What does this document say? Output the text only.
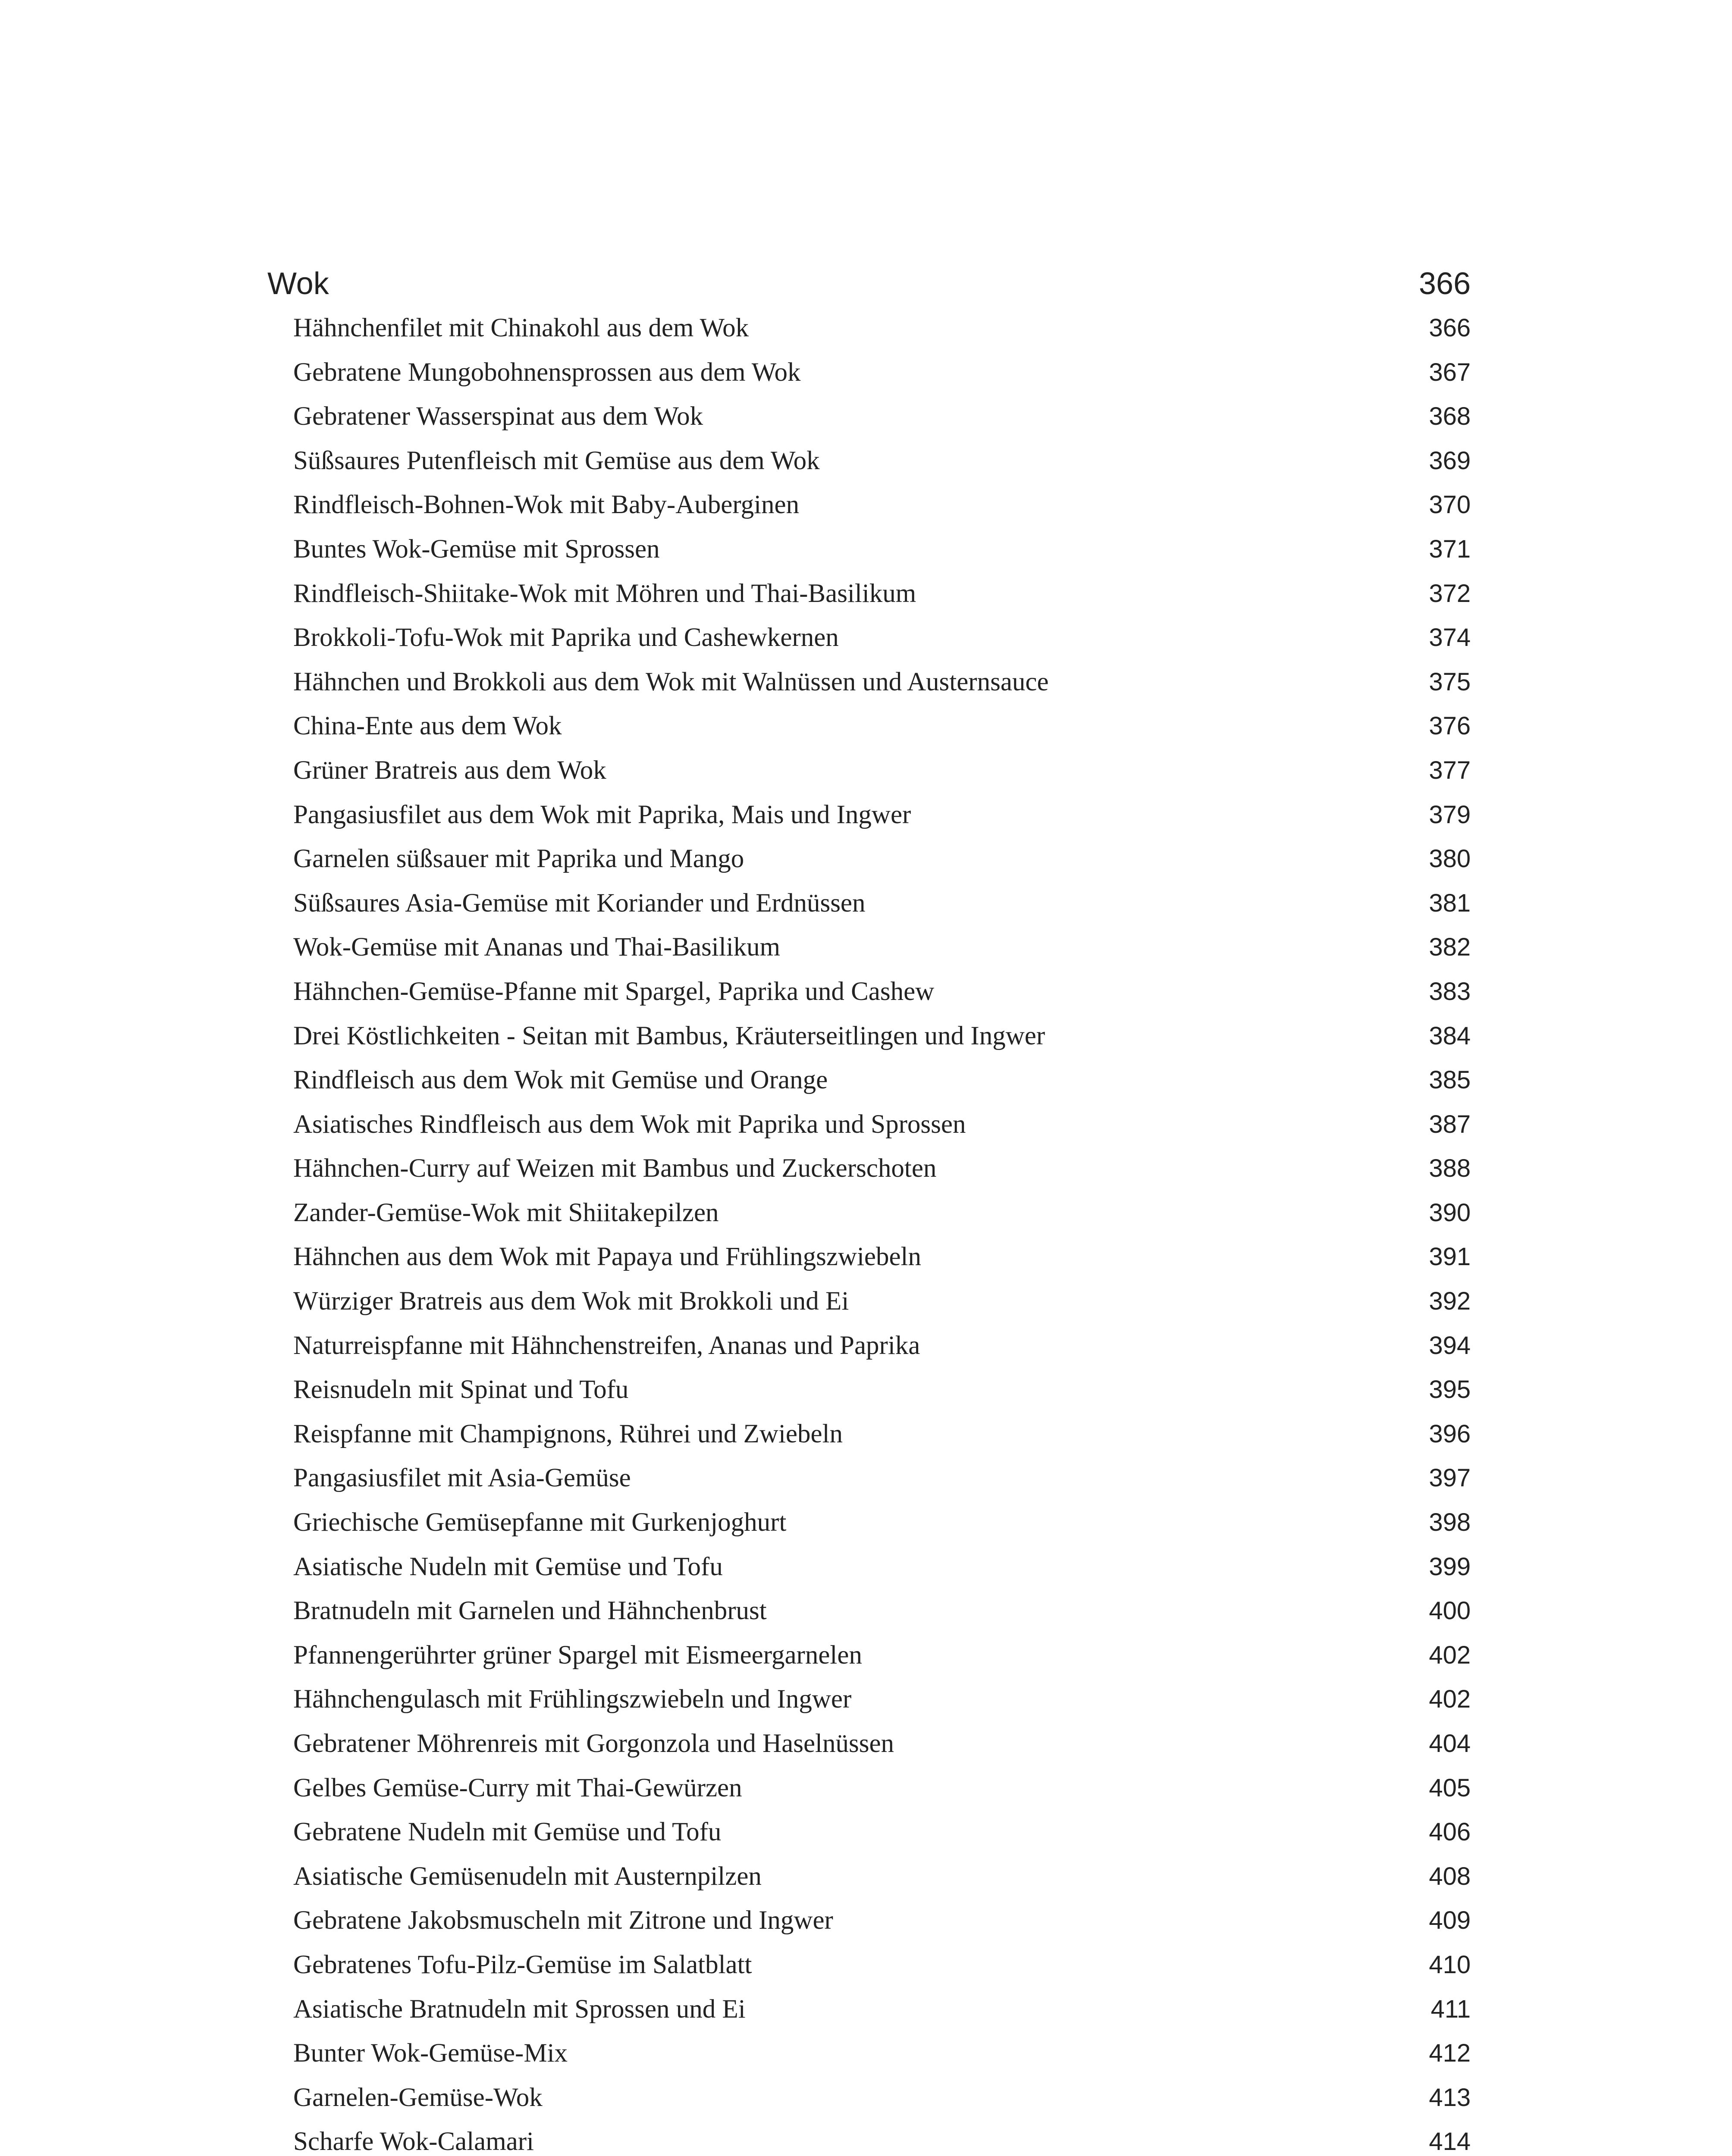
Wok	366
Hähnchenfilet mit Chinakohl aus dem Wok	366
Gebratene Mungobohnensprossen aus dem Wok	367
Gebratener Wasserspinat aus dem Wok	368
Süßsaures Putenfleisch mit Gemüse aus dem Wok	369
Rindfleisch-Bohnen-Wok mit Baby-Auberginen	370
Buntes Wok-Gemüse mit Sprossen	371
Rindfleisch-Shiitake-Wok mit Möhren und Thai-Basilikum	372
Brokkoli-Tofu-Wok mit Paprika und Cashewkernen	374
Hähnchen und Brokkoli aus dem Wok mit Walnüssen und Austernsauce	375
China-Ente aus dem Wok	376
Grüner Bratreis aus dem Wok	377
Pangasiusfilet aus dem Wok mit Paprika, Mais und Ingwer	379
Garnelen süßsauer mit Paprika und Mango	380
Süßsaures Asia-Gemüse mit Koriander und Erdnüssen	381
Wok-Gemüse mit Ananas und Thai-Basilikum	382
Hähnchen-Gemüse-Pfanne mit Spargel, Paprika und Cashew	383
Drei Köstlichkeiten - Seitan mit Bambus, Kräuterseitlingen und Ingwer	384
Rindfleisch aus dem Wok mit Gemüse und Orange	385
Asiatisches Rindfleisch aus dem Wok mit Paprika und Sprossen	387
Hähnchen-Curry auf Weizen mit Bambus und Zuckerschoten	388
Zander-Gemüse-Wok mit Shiitakepilzen	390
Hähnchen aus dem Wok mit Papaya und Frühlingszwiebeln	391
Würziger Bratreis aus dem Wok mit Brokkoli und Ei	392
Naturreispfanne mit Hähnchenstreifen, Ananas und Paprika	394
Reisnudeln mit Spinat und Tofu	395
Reispfanne mit Champignons, Rührei und Zwiebeln	396
Pangasiusfilet mit Asia-Gemüse	397
Griechische Gemüsepfanne mit Gurkenjoghurt	398
Asiatische Nudeln mit Gemüse und Tofu	399
Bratnudeln mit Garnelen und Hähnchenbrust	400
Pfannengerührter grüner Spargel mit Eismeergarnelen	402
Hähnchengulasch mit Frühlingszwiebeln und Ingwer	402
Gebratener Möhrenreis mit Gorgonzola und Haselnüssen	404
Gelbes Gemüse-Curry mit Thai-Gewürzen	405
Gebratene Nudeln mit Gemüse und Tofu	406
Asiatische Gemüsenudeln mit Austernpilzen	408
Gebratene Jakobsmuscheln mit Zitrone und Ingwer	409
Gebratenes Tofu-Pilz-Gemüse im Salatblatt	410
Asiatische Bratnudeln mit Sprossen und Ei	411
Bunter Wok-Gemüse-Mix	412
Garnelen-Gemüse-Wok	413
Scharfe Wok-Calamari	414
